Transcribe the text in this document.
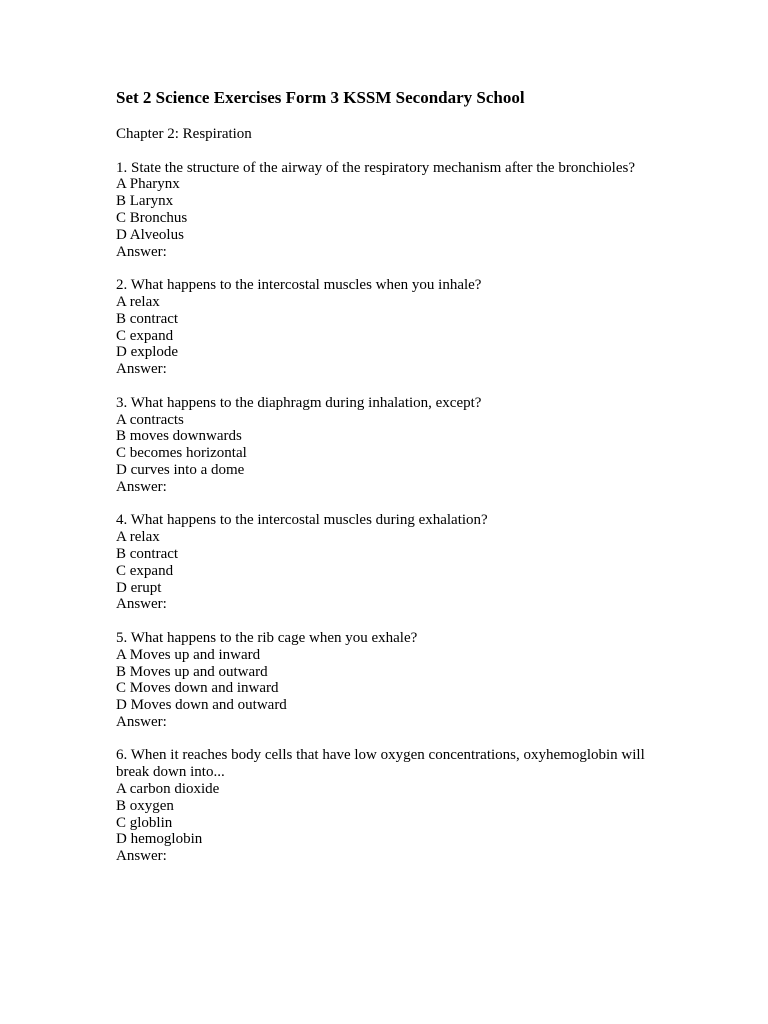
Set 2 Science Exercises Form 3 KSSM Secondary School
Chapter 2: Respiration
1. State the structure of the airway of the respiratory mechanism after the bronchioles?
A Pharynx
B Larynx
C Bronchus
D Alveolus
Answer:
2. What happens to the intercostal muscles when you inhale?
A relax
B contract
C expand
D explode
Answer:
3. What happens to the diaphragm during inhalation, except?
A contracts
B moves downwards
C becomes horizontal
D curves into a dome
Answer:
4. What happens to the intercostal muscles during exhalation?
A relax
B contract
C expand
D erupt
Answer:
5. What happens to the rib cage when you exhale?
A Moves up and inward
B Moves up and outward
C Moves down and inward
D Moves down and outward
Answer:
6. When it reaches body cells that have low oxygen concentrations, oxyhemoglobin will break down into...
A carbon dioxide
B oxygen
C globlin
D hemoglobin
Answer:
